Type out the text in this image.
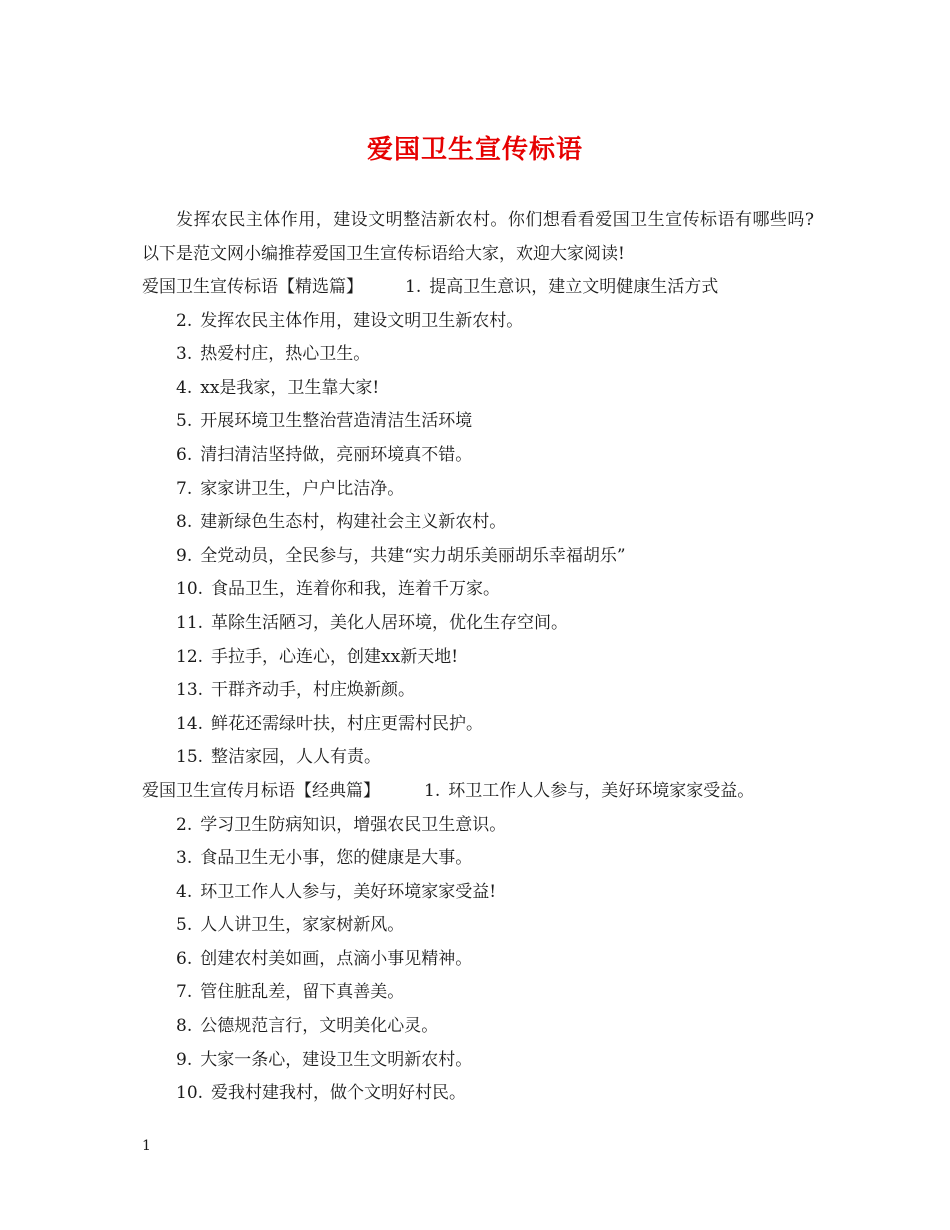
爱国卫生宣传标语

发挥农民主体作用，建设文明整洁新农村。你们想看看爱国卫生宣传标语有哪些吗?以下是范文网小编推荐爱国卫生宣传标语给大家，欢迎大家阅读!

爱国卫生宣传标语【精选篇】 1. 提高卫生意识，建立文明健康生活方式
2. 发挥农民主体作用，建设文明卫生新农村。
3. 热爱村庄，热心卫生。
4. xx是我家，卫生靠大家!
5. 开展环境卫生整治营造清洁生活环境
6. 清扫清洁坚持做，亮丽环境真不错。
7. 家家讲卫生，户户比洁净。
8. 建新绿色生态村，构建社会主义新农村。
9. 全党动员，全民参与，共建“实力胡乐美丽胡乐幸福胡乐”
10. 食品卫生，连着你和我，连着千万家。
11. 革除生活陋习，美化人居环境，优化生存空间。
12. 手拉手，心连心，创建xx新天地!
13. 干群齐动手，村庄焕新颜。
14. 鲜花还需绿叶扶，村庄更需村民护。
15. 整洁家园，人人有责。
爱国卫生宣传月标语【经典篇】	1. 环卫工作人人参与，美好环境家家受益。
2. 学习卫生防病知识，增强农民卫生意识。
3. 食品卫生无小事，您的健康是大事。
4. 环卫工作人人参与，美好环境家家受益!
5. 人人讲卫生，家家树新风。
6. 创建农村美如画，点滴小事见精神。
7. 管住脏乱差，留下真善美。
8. 公德规范言行，文明美化心灵。
9. 大家一条心，建设卫生文明新农村。
10. 爱我村建我村，做个文明好村民。
1
